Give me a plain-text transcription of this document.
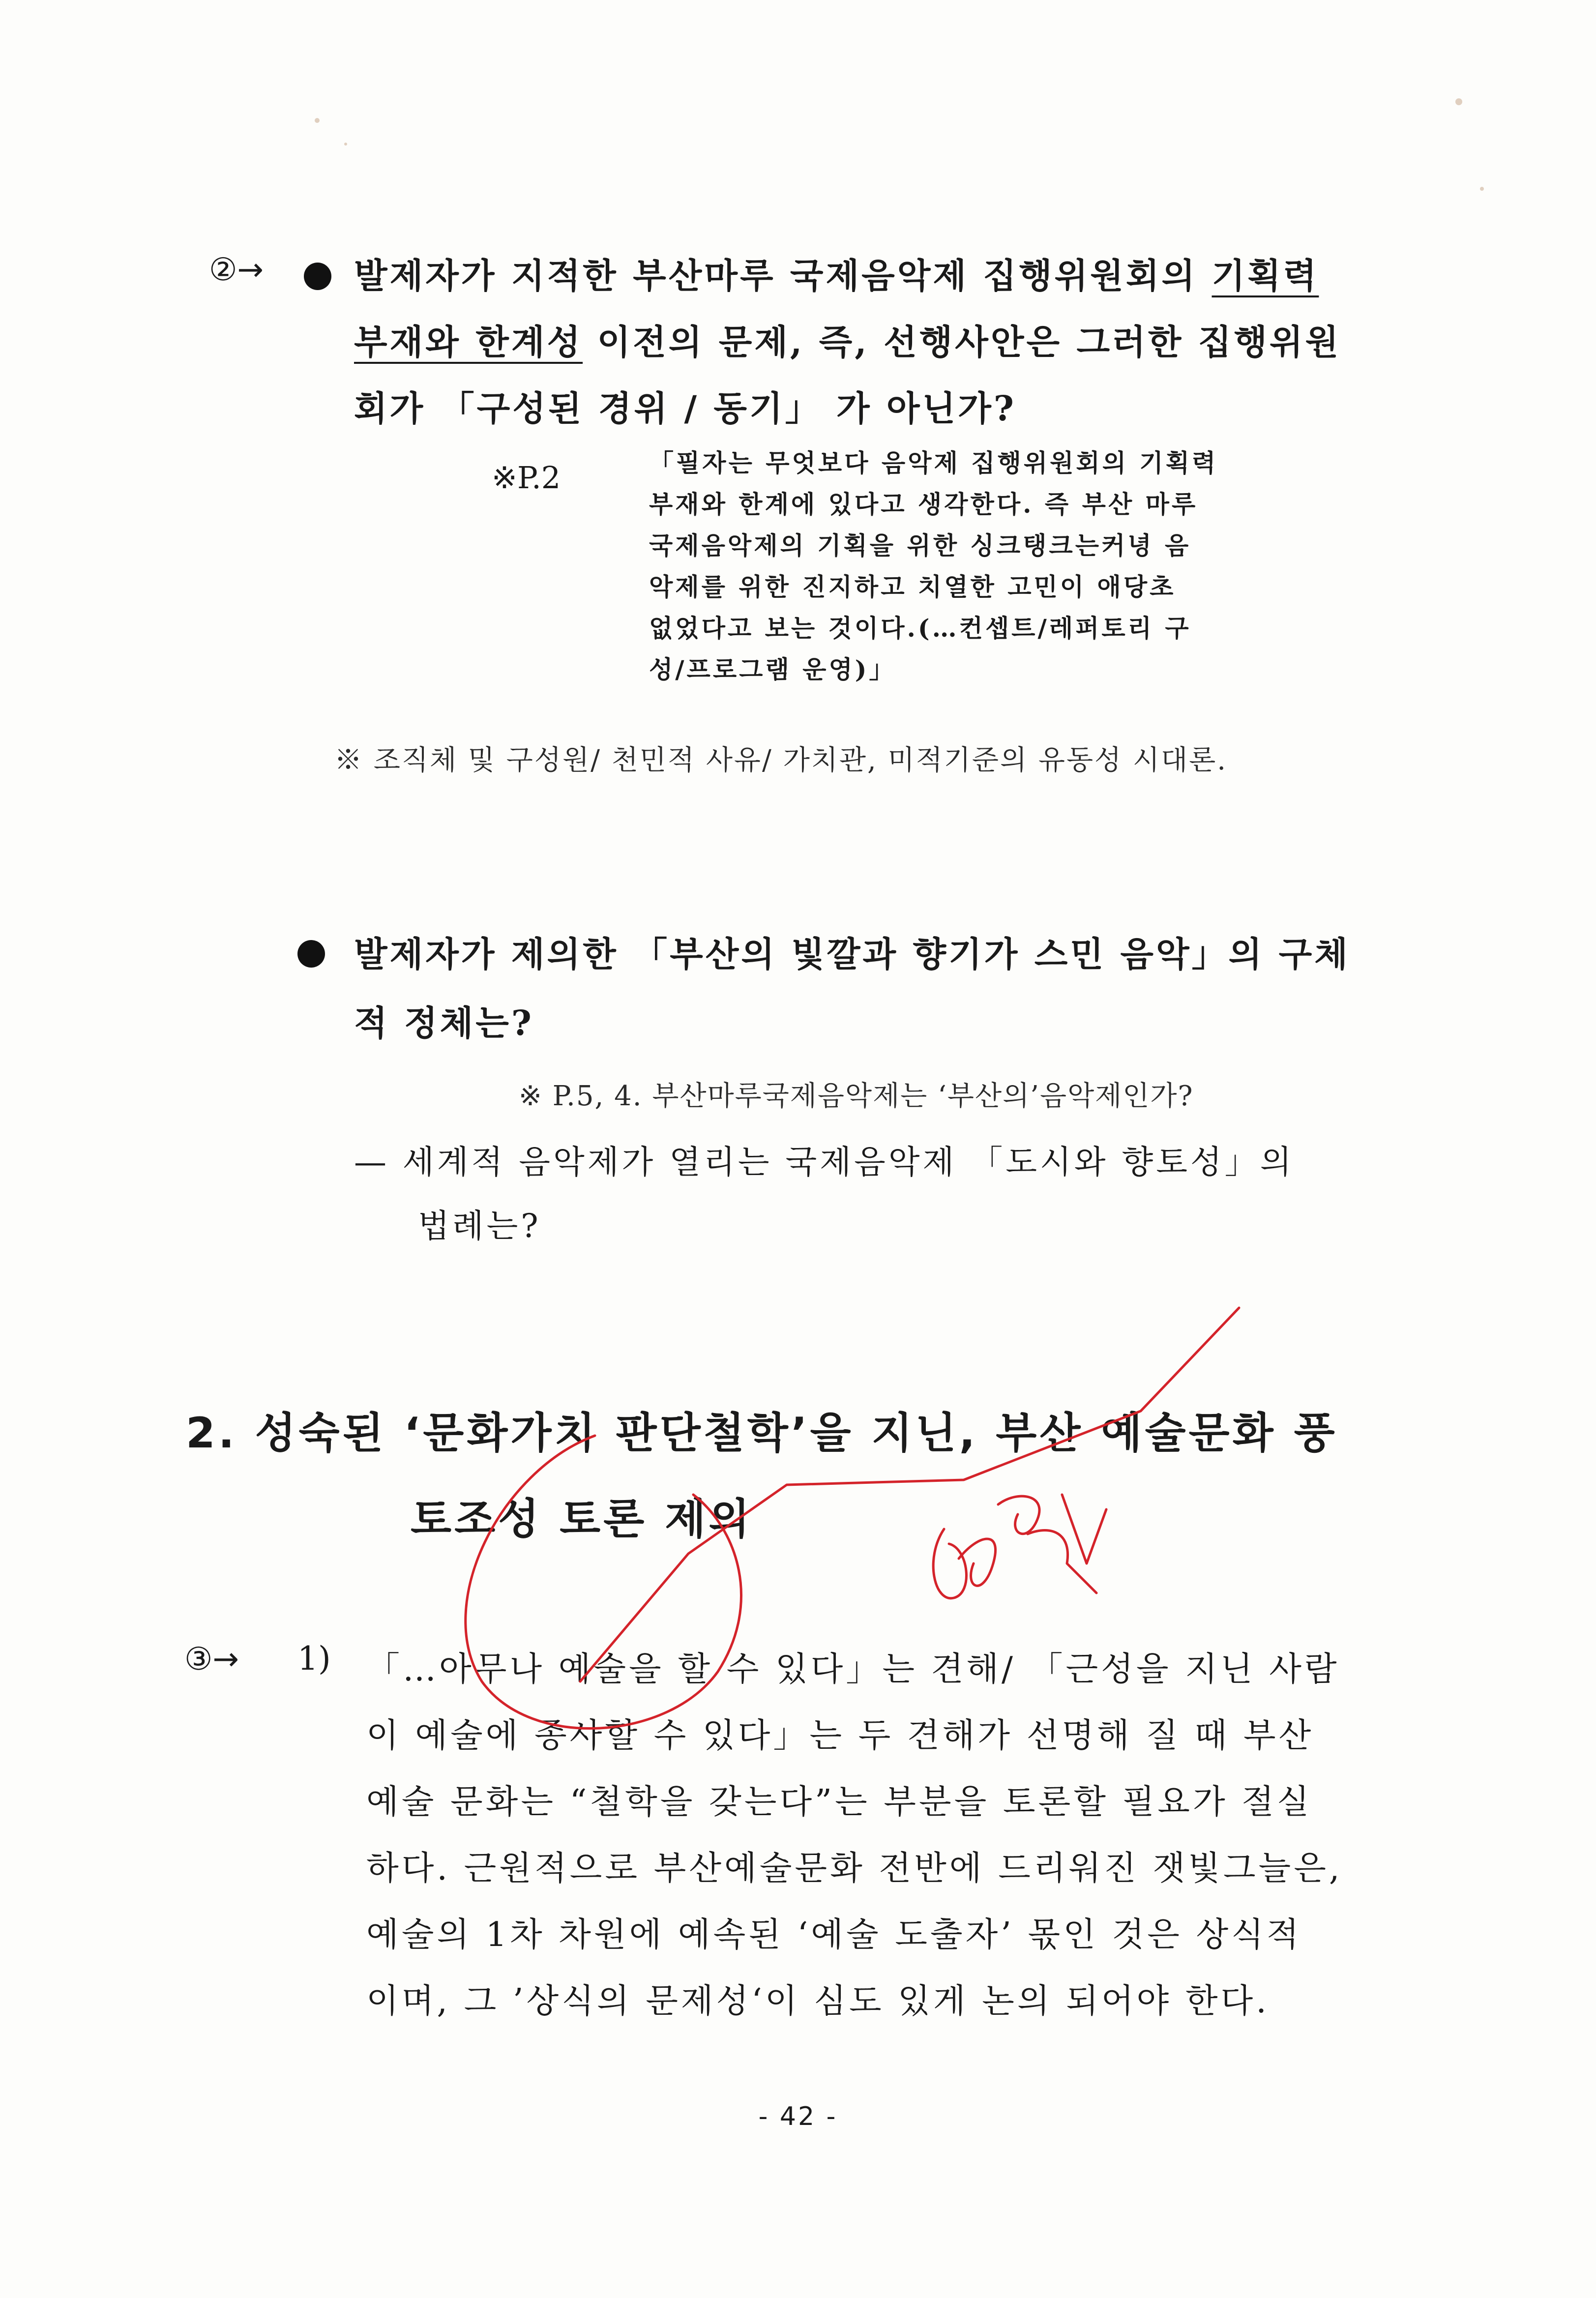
②→	발제자가 지적한 부산마루 국제음악제 집행위원회의 기획력
부재와 한계성 이전의 문제, 즉, 선행사안은 그러한 집행위원
회가 「구성된 경위 / 동기」 가 아닌가?
※P.2	「필자는 무엇보다 음악제 집행위원회의 기획력
부재와 한계에 있다고 생각한다. 즉 부산 마루
국제음악제의 기획을 위한 싱크탱크는커녕 음
악제를 위한 진지하고 치열한 고민이 애당초
없었다고 보는 것이다.(…컨셉트/레퍼토리 구
성/프로그램 운영)」
※ 조직체 및 구성원/ 천민적 사유/ 가치관, 미적기준의 유동성 시대론.
발제자가 제의한 「부산의 빛깔과 향기가 스민 음악」의 구체
적 정체는?
※ P.5, 4. 부산마루국제음악제는 ‘부산의’음악제인가?
— 세계적 음악제가 열리는 국제음악제 「도시와 향토성」의
법례는?
2. 성숙된 ‘문화가치 판단철학’을 지닌, 부산 예술문화 풍
토조성 토론 제의
③→ 1) 「…아무나 예술을 할 수 있다」는 견해/ 「근성을 지닌 사람
이 예술에 종사할 수 있다」는 두 견해가 선명해 질 때 부산
예술 문화는 “철학을 갖는다”는 부분을 토론할 필요가 절실
하다. 근원적으로 부산예술문화 전반에 드리워진 잿빛그늘은,
예술의 1차 차원에 예속된 ‘예술 도출자’ 몫인 것은 상식적
이며, 그 ’상식의 문제성‘이 심도 있게 논의 되어야 한다.
- 42 -
